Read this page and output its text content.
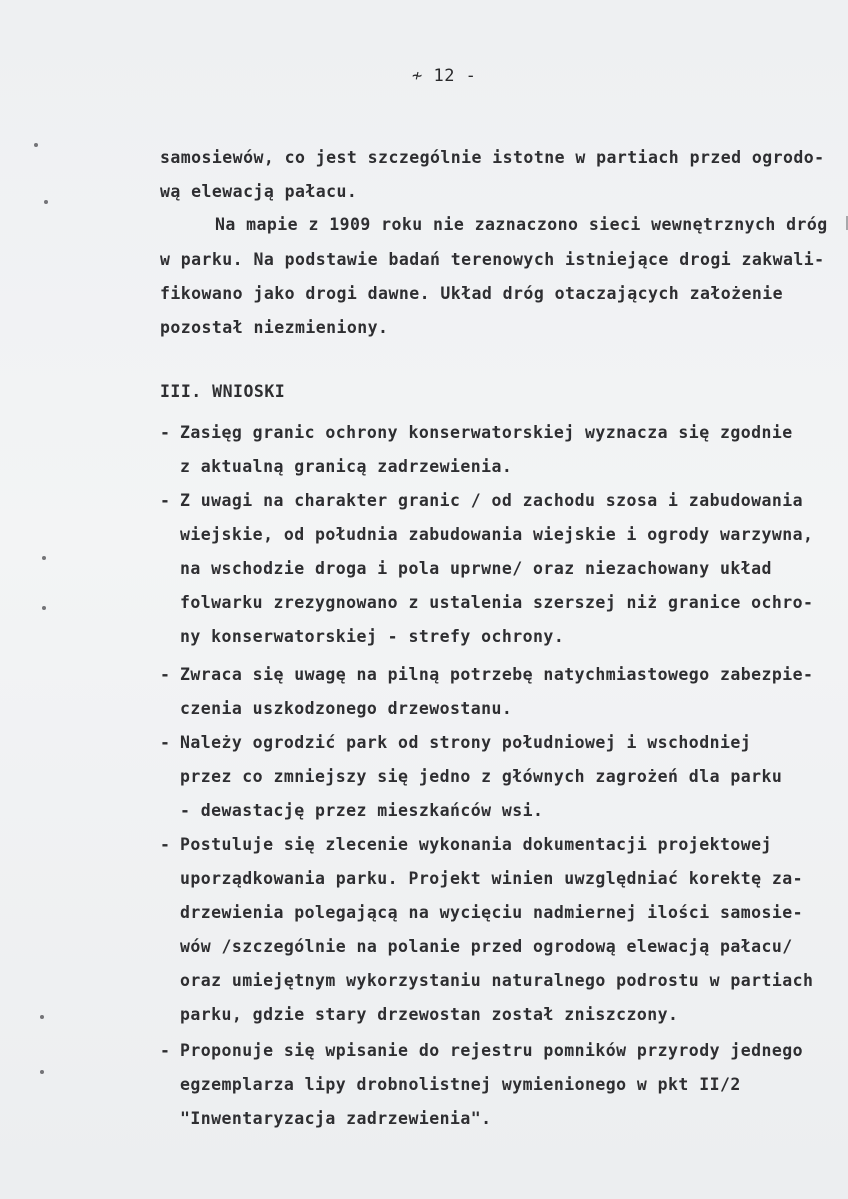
≁ 12 -
samosiewów, co jest szczególnie istotne w partiach przed ogrodo-
wą elewacją pałacu.
Na mapie z 1909 roku nie zaznaczono sieci wewnętrznych dróg
w parku. Na podstawie badań terenowych istniejące drogi zakwali-
fikowano jako drogi dawne. Układ dróg otaczających założenie
pozostał niezmieniony.
- Zasięg granic ochrony konserwatorskiej wyznacza się zgodnie
z aktualną granicą zadrzewienia.
- Z uwagi na charakter granic / od zachodu szosa i zabudowania
wiejskie, od południa zabudowania wiejskie i ogrody warzywna,
na wschodzie droga i pola uprwne/ oraz niezachowany układ
folwarku zrezygnowano z ustalenia szerszej niż granice ochro-
ny konserwatorskiej - strefy ochrony.
- Zwraca się uwagę na pilną potrzebę natychmiastowego zabezpie-
czenia uszkodzonego drzewostanu.
- Należy ogrodzić park od strony południowej i wschodniej
przez co zmniejszy się jedno z głównych zagrożeń dla parku
- dewastację przez mieszkańców wsi.
- Postuluje się zlecenie wykonania dokumentacji projektowej
uporządkowania parku. Projekt winien uwzględniać korektę za-
drzewienia polegającą na wycięciu nadmiernej ilości samosie-
wów /szczególnie na polanie przed ogrodową elewacją pałacu/
oraz umiejętnym wykorzystaniu naturalnego podrostu w partiach
parku, gdzie stary drzewostan został zniszczony.
- Proponuje się wpisanie do rejestru pomników przyrody jednego
egzemplarza lipy drobnolistnej wymienionego w pkt II/2
"Inwentaryzacja zadrzewienia".
III. WNIOSKI
